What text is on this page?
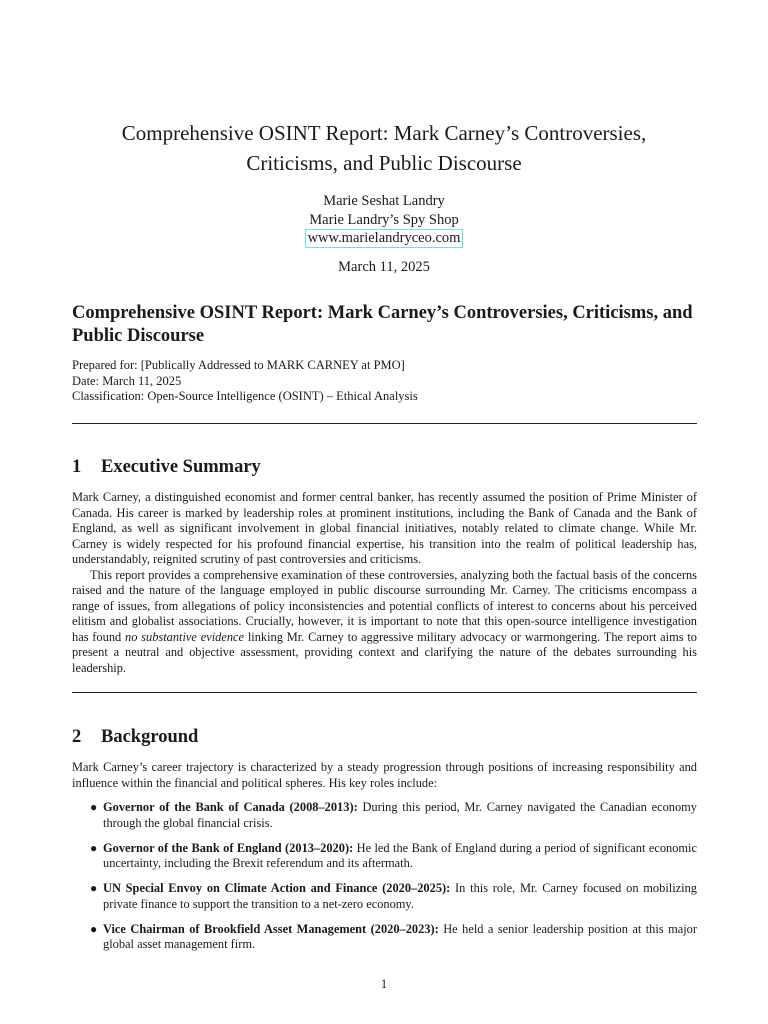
Comprehensive OSINT Report: Mark Carney’s Controversies,
Criticisms, and Public Discourse
Marie Seshat Landry
Marie Landry’s Spy Shop
www.marielandryceo.com
March 11, 2025
Comprehensive OSINT Report: Mark Carney’s Controversies, Criticisms, and Public Discourse
Prepared for: [Publically Addressed to MARK CARNEY at PMO]
Date: March 11, 2025
Classification: Open-Source Intelligence (OSINT) – Ethical Analysis
1 Executive Summary

Mark Carney, a distinguished economist and former central banker, has recently assumed the position of Prime Minister of Canada. His career is marked by leadership roles at prominent institutions, including the Bank of Canada and the Bank of England, as well as significant involvement in global financial initiatives, notably related to climate change. While Mr. Carney is widely respected for his profound financial expertise, his transition into the realm of political leadership has, understandably, reignited scrutiny of past controversies and criticisms.

This report provides a comprehensive examination of these controversies, analyzing both the factual basis of the concerns raised and the nature of the language employed in public discourse surrounding Mr. Carney. The criticisms encompass a range of issues, from allegations of policy inconsistencies and potential conflicts of interest to concerns about his perceived elitism and globalist associations. Crucially, however, it is important to note that this open-source intelligence investigation has found no substantive evidence linking Mr. Carney to aggressive military advocacy or warmongering. The report aims to present a neutral and objective assessment, providing context and clarifying the nature of the debates surrounding his leadership.

2 Background
Mark Carney’s career trajectory is characterized by a steady progression through positions of increasing responsibility and influence within the financial and political spheres. His key roles include:
● Governor of the Bank of Canada (2008–2013): During this period, Mr. Carney navigated the Canadian economy through the global financial crisis.
● Governor of the Bank of England (2013–2020): He led the Bank of England during a period of significant economic uncertainty, including the Brexit referendum and its aftermath.
● UN Special Envoy on Climate Action and Finance (2020–2025): In this role, Mr. Carney focused on mobilizing private finance to support the transition to a net-zero economy.
● Vice Chairman of Brookfield Asset Management (2020–2023): He held a senior leadership position at this major global asset management firm.
1
